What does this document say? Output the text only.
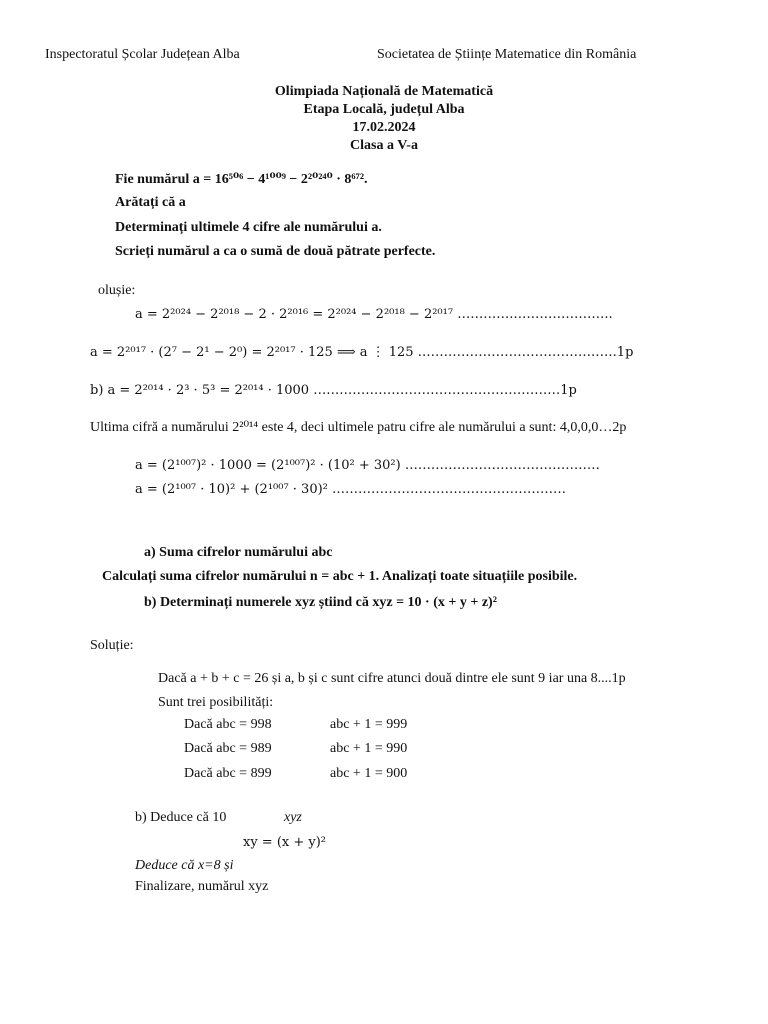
Inspectoratul Școlar Județean Alba	Societatea de Științe Matematice din România
Olimpiada Națională de Matematică
Etapa Locală, județul Alba
17.02.2024
Clasa a V-a
Fie numărul a = 16⁵⁰⁶ − 4¹⁰⁰⁹ − 2²⁰²⁴⁰ · 8⁶⁷².
Arătați că a
Determinați ultimele 4 cifre ale numărului a.
Scrieți numărul a ca o sumă de două pătrate perfecte.
olușie:
a = 2²⁰²⁴ − 2²⁰¹⁸ − 2 · 2²⁰¹⁶ = 2²⁰²⁴ − 2²⁰¹⁸ − 2²⁰¹⁷ ………….…………………..
a = 2²⁰¹⁷ · (2⁷ − 2¹ − 2⁰) = 2²⁰¹⁷ · 125 ⟹ a ⋮ 125 ……………………………………….1p
b) a = 2²⁰¹⁴ · 2³ · 5³ = 2²⁰¹⁴ · 1000 …………………………………………………1p
Ultima cifră a numărului 2²⁰¹⁴ este 4, deci ultimele patru cifre ale numărului a sunt: 4,0,0,0…2p
a = (2¹⁰⁰⁷)² · 1000 = (2¹⁰⁰⁷)² · (10² + 30²) ………………………………………
a = (2¹⁰⁰⁷ · 10)² + (2¹⁰⁰⁷ · 30)² ………………………………………………
a) Suma cifrelor numărului abc
Calculați suma cifrelor numărului n = abc + 1. Analizați toate situațiile posibile.
b) Determinați numerele xyz știind că xyz = 10 · (x + y + z)²
Soluție:
Dacă a + b + c = 26 și a, b și c sunt cifre atunci două dintre ele sunt 9 iar una 8....1p
Sunt trei posibilități:
Dacă abc = 998	abc + 1 = 999
Dacă abc = 989	abc + 1 = 990
Dacă abc = 899	abc + 1 = 900
b) Deduce că 10	xyz
xy = (x + y)²
Deduce că x=8 și
Finalizare, numărul xyz
